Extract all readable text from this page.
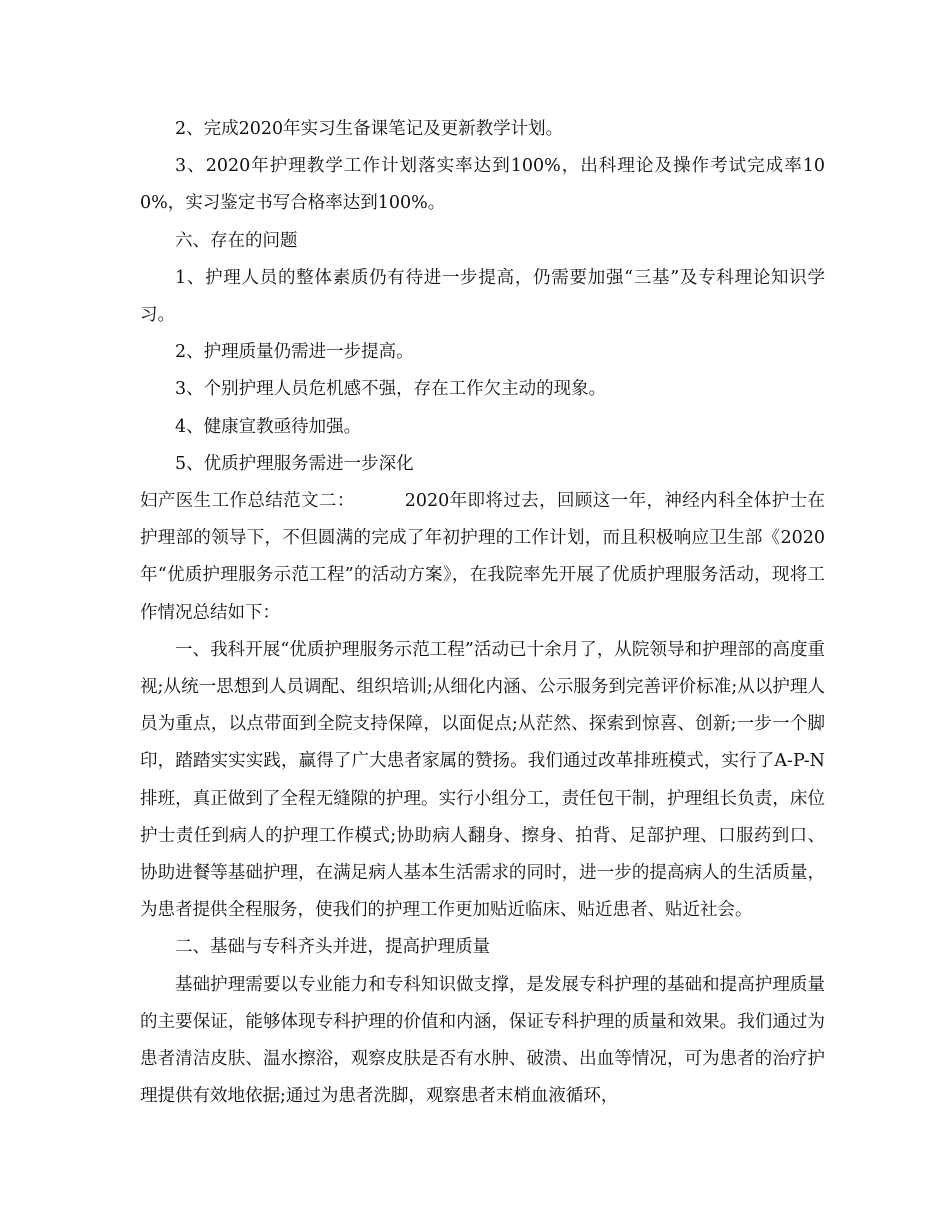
2、完成2020年实习生备课笔记及更新教学计划。

3、2020年护理教学工作计划落实率达到100%，出科理论及操作考试完成率100%，实习鉴定书写合格率达到100%。

六、存在的问题

1、护理人员的整体素质仍有待进一步提高，仍需要加强“三基”及专科理论知识学习。

2、护理质量仍需进一步提高。

3、个别护理人员危机感不强，存在工作欠主动的现象。

4、健康宣教亟待加强。

5、优质护理服务需进一步深化

妇产医生工作总结范文二：	2020年即将过去，回顾这一年，神经内科全体护士在护理部的领导下，不但圆满的完成了年初护理的工作计划，而且积极响应卫生部《2020年“优质护理服务示范工程”的活动方案》，在我院率先开展了优质护理服务活动，现将工作情况总结如下：

一、我科开展“优质护理服务示范工程”活动已十余月了，从院领导和护理部的高度重视;从统一思想到人员调配、组织培训;从细化内涵、公示服务到完善评价标准;从以护理人员为重点，以点带面到全院支持保障，以面促点;从茫然、探索到惊喜、创新;一步一个脚印，踏踏实实实践，赢得了广大患者家属的赞扬。我们通过改革排班模式，实行了A-P-N排班，真正做到了全程无缝隙的护理。实行小组分工，责任包干制，护理组长负责，床位护士责任到病人的护理工作模式;协助病人翻身、擦身、拍背、足部护理、口服药到口、协助进餐等基础护理，在满足病人基本生活需求的同时，进一步的提高病人的生活质量，为患者提供全程服务，使我们的护理工作更加贴近临床、贴近患者、贴近社会。

二、基础与专科齐头并进，提高护理质量

基础护理需要以专业能力和专科知识做支撑，是发展专科护理的基础和提高护理质量的主要保证，能够体现专科护理的价值和内涵，保证专科护理的质量和效果。我们通过为患者清洁皮肤、温水擦浴，观察皮肤是否有水肿、破溃、出血等情况，可为患者的治疗护理提供有效地依据;通过为患者洗脚，观察患者末梢血液循环，
